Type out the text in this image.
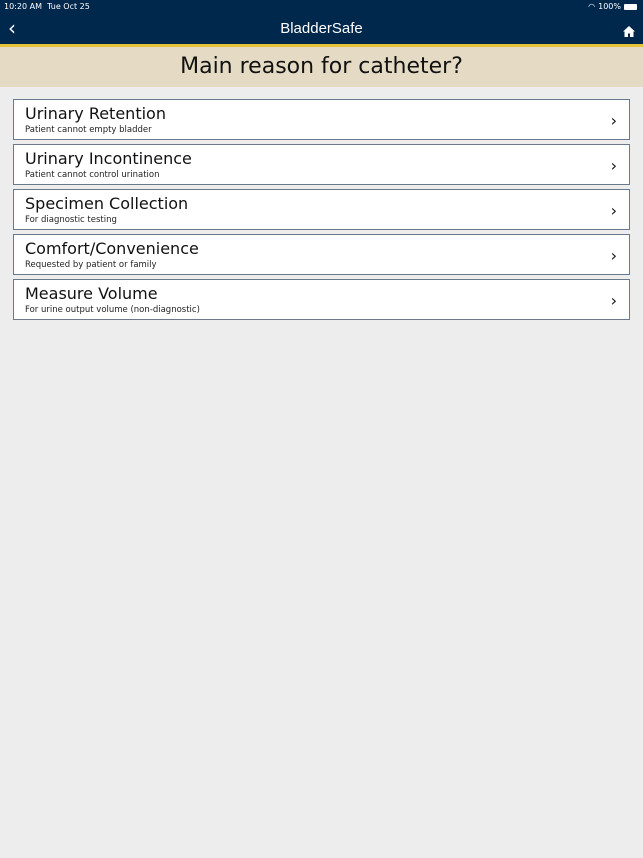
10:20 AM Tue Oct 25	◠ 100%
‹	BladderSafe
Main reason for catheter?
Urinary Retention
Patient cannot empty bladder	›
Urinary Incontinence
Patient cannot control urination	›
Specimen Collection
For diagnostic testing	›
Comfort/Convenience
Requested by patient or family	›
Measure Volume
For urine output volume (non-diagnostic)	›
